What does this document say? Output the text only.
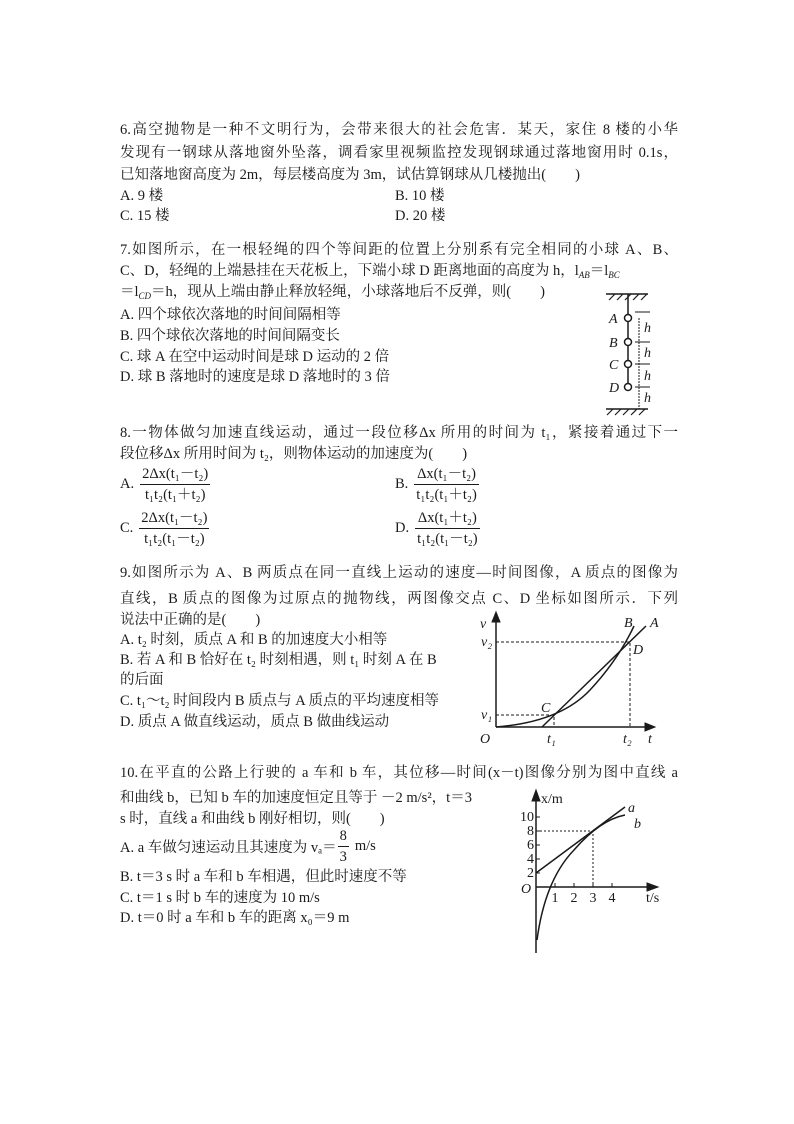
6.高空抛物是一种不文明行为，会带来很大的社会危害．某天，家住 8 楼的小华
发现有一钢球从落地窗外坠落，调看家里视频监控发现钢球通过落地窗用时 0.1s，
已知落地窗高度为 2m，每层楼高度为 3m，试估算钢球从几楼抛出(　　)
A. 9 楼	B. 10 楼
C. 15 楼	D. 20 楼
7.如图所示，在一根轻绳的四个等间距的位置上分别系有完全相同的小球 A、B、
C、D，轻绳的上端悬挂在天花板上，下端小球 D 距离地面的高度为 h，$l_{AB}=l_{BC}$
$=l_{CD}=h$，现从上端由静止释放轻绳，小球落地后不反弹，则(　　)
A. 四个球依次落地的时间间隔相等
B. 四个球依次落地的时间间隔变长
C. 球 A 在空中运动时间是球 D 运动的 2 倍
D. 球 B 落地时的速度是球 D 落地时的 3 倍
A
B
C
D
h
h
h
h
8.一物体做匀加速直线运动，通过一段位移Δx 所用的时间为 t₁，紧接着通过下一
段位移Δx 所用时间为 t₂，则物体运动的加速度为(　　)
A. $\frac{\text{2Δx(t₁－t₂)}}{\text{t₁t₂(t₁＋t₂)}}$	B. $\frac{\text{Δx(t₁－t₂)}}{\text{t₁t₂(t₁＋t₂)}}$
C. $\frac{\text{2Δx(t₁－t₂)}}{\text{t₁t₂(t₁－t₂)}}$	D. $\frac{\text{Δx(t₁＋t₂)}}{\text{t₁t₂(t₁－t₂)}}$
9.如图所示为 A、B 两质点在同一直线上运动的速度—时间图像，A 质点的图像为
直线，B 质点的图像为过原点的抛物线，两图像交点 C、D 坐标如图所示．下列
说法中正确的是(　　)
A. t₂ 时刻，质点 A 和 B 的加速度大小相等
B. 若 A 和 B 恰好在 t₂ 时刻相遇，则 t₁ 时刻 A 在 B
的后面
C. t₁～t₂ 时间段内 B 质点与 A 质点的平均速度相等
D. 质点 A 做直线运动，质点 B 做曲线运动
v
v₂
v₁
O	t₁	t₂ t
B A
D
C
10.在平直的公路上行驶的 a 车和 b 车，其位移—时间(x－t)图像分别为图中直线 a
和曲线 b，已知 b 车的加速度恒定且等于 －2 m/s²，t＝3
s 时，直线 a 和曲线 b 刚好相切，则(　　)
A. a 车做匀速运动且其速度为 $v_a= \frac{8}{3} m/s$
B. t＝3 s 时 a 车和 b 车相遇，但此时速度不等
C. t＝1 s 时 b 车的速度为 10 m/s
D. t＝0 时 a 车和 b 车的距离 x₀＝9 m
x/m
t/s
O
2
4
6
8
10
1 2 3 4
a
b
